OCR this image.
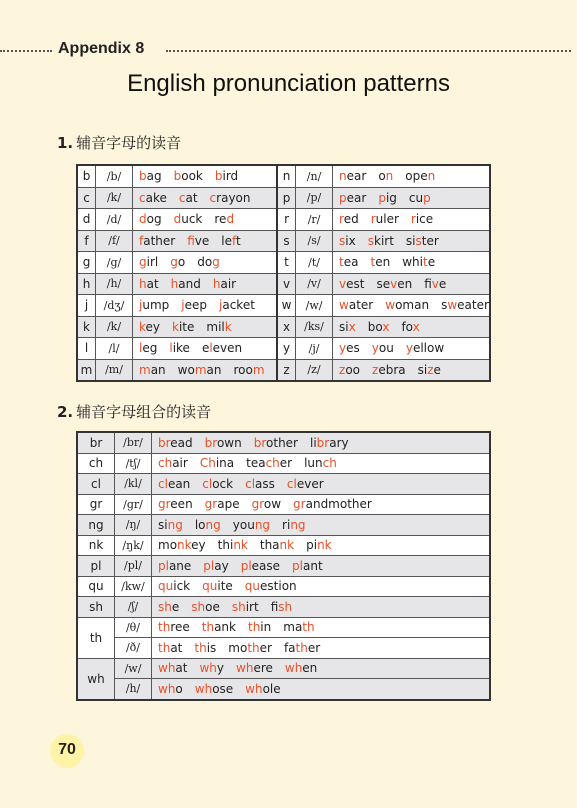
Appendix 8
English pronunciation patterns
1. 辅音字母的读音
b	/b/	bag book bird	n	/n/	near on open
c	/k/	cake cat crayon	p	/p/	pear pig cup
d	/d/	dog duck red	r	/r/	red ruler rice
f	/f/	father five left	s	/s/	six skirt sister
g	/g/	girl go dog	t	/t/	tea ten white
h	/h/	hat hand hair	v	/v/	vest seven five
j	/dʒ/	jump jeep jacket	w	/w/	water woman sweater
k	/k/	key kite milk	x	/ks/	six box fox
l	/l/	leg like eleven	y	/j/	yes you yellow
m	/m/	man woman room	z	/z/	zoo zebra size
2. 辅音字母组合的读音
br	/br/	bread brown brother library
ch	/tʃ/	chair China teacher lunch
cl	/kl/	clean clock class clever
gr	/gr/	green grape grow grandmother
ng	/ŋ/	sing long young ring
nk	/ŋk/	monkey think thank pink
pl	/pl/	plane play please plant
qu	/kw/	quick quite question
sh	/ʃ/	she shoe shirt fish
th	/θ/	three thank thin math
	/ð/	that this mother father
wh	/w/	what why where when
	/h/	who whose whole
70
